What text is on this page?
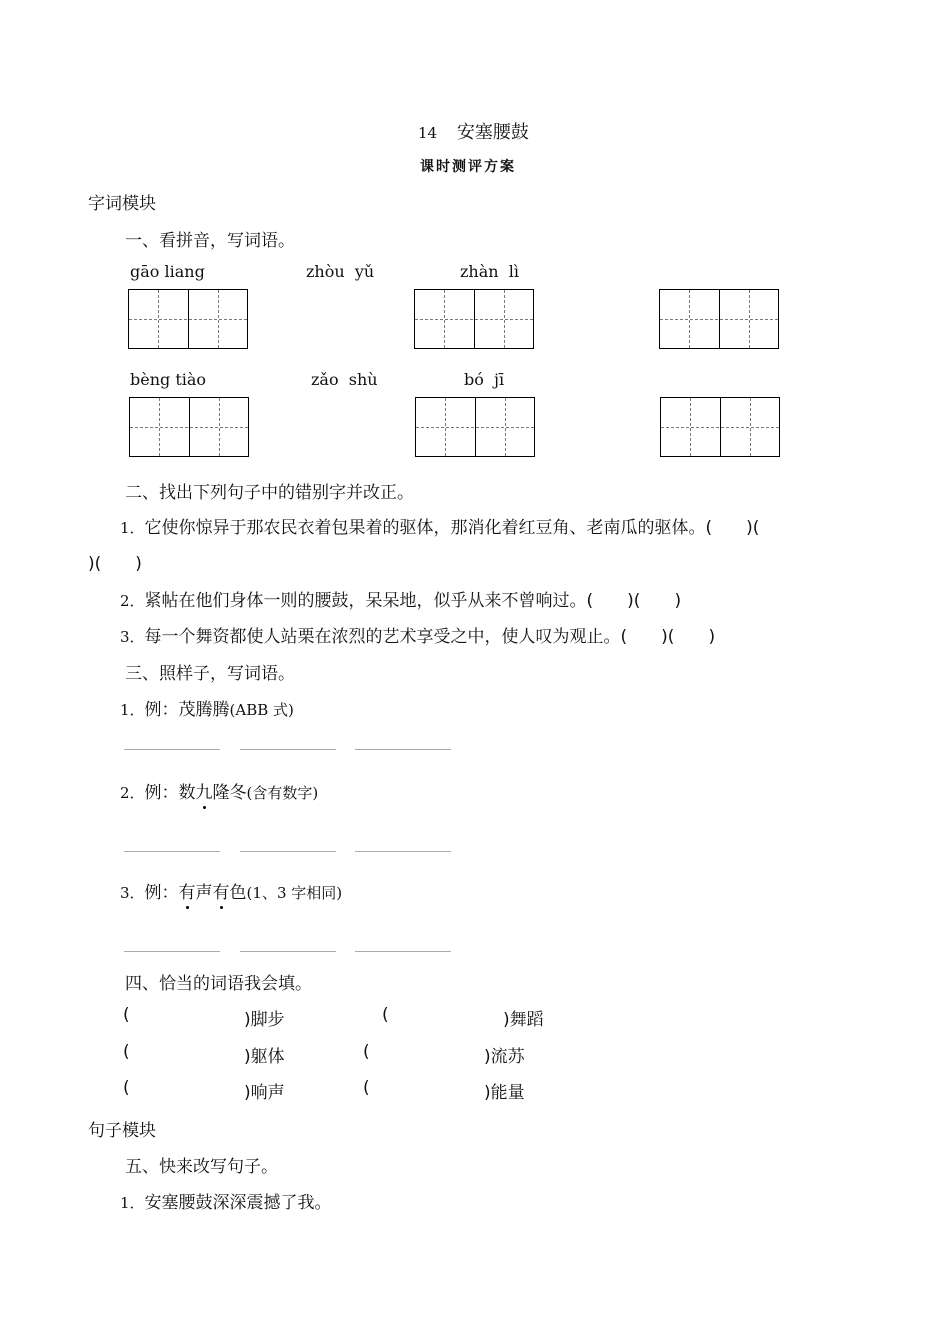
14 安塞腰鼓
课时测评方案
字词模块
一、看拼音，写词语。
gāo liang	zhòu  yǔ	zhàn  lì
bèng tiào	zǎo  shù	bó  jī
二、找出下列句子中的错别字并改正。
1．它使你惊异于那农民衣着包果着的驱体，那消化着红豆角、老南瓜的驱体。(　　)(
)(　　)
2．紧帖在他们身体一则的腰鼓，呆呆地，似乎从来不曾响过。(　　)(　　)
3．每一个舞资都使人站栗在浓烈的艺术享受之中，使人叹为观止。(　　)(　　)
三、照样子，写词语。
1．例：茂腾腾(ABB 式)
2．例：数九隆冬(含有数字)
3．例：有声有色(1、3 字相同)
四、恰当的词语我会填。
(	)脚步	(	)舞蹈
(	)躯体	(	)流苏
(	)响声	(	)能量
句子模块
五、快来改写句子。
1．安塞腰鼓深深震撼了我。
